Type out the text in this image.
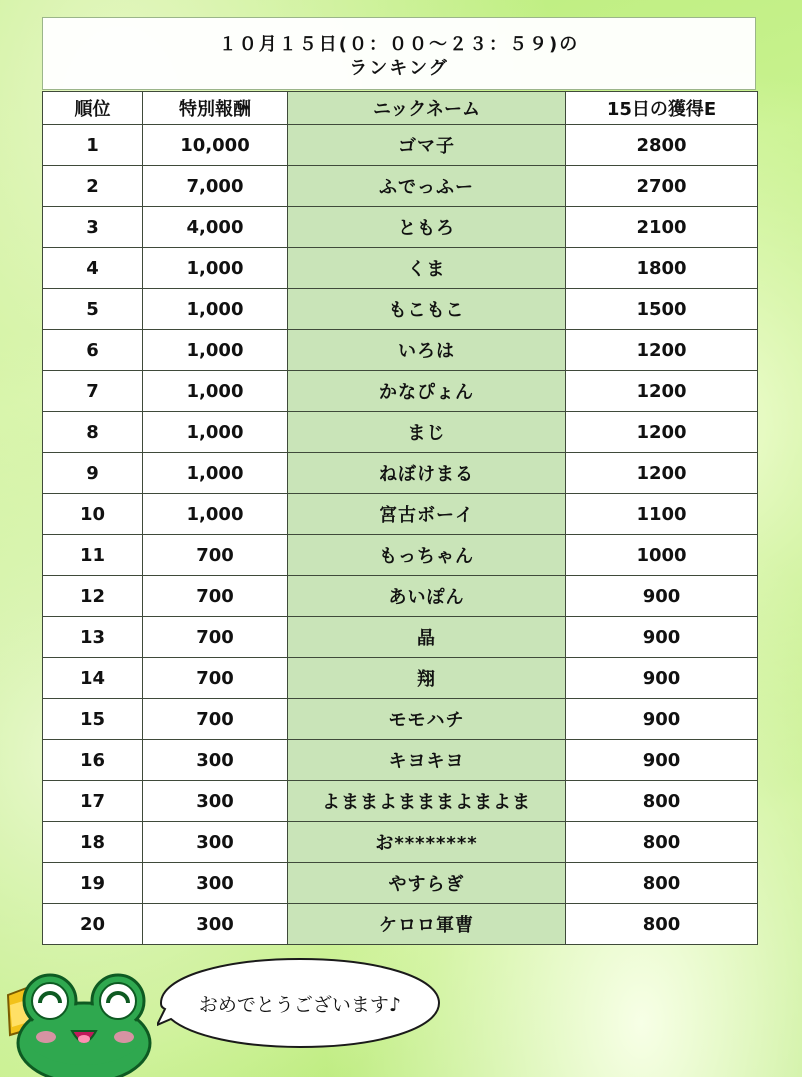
１０月１５日(０：００～２３：５９)の
ランキング
順位	特別報酬	ニックネーム	15日の獲得E
1	10,000	ゴマ子	2800
2	7,000	ふでっふー	2700
3	4,000	ともろ	2100
4	1,000	くま	1800
5	1,000	もこもこ	1500
6	1,000	いろは	1200
7	1,000	かなぴょん	1200
8	1,000	まじ	1200
9	1,000	ねぼけまる	1200
10	1,000	宮古ボーイ	1100
11	700	もっちゃん	1000
12	700	あいぽん	900
13	700	晶	900
14	700	翔	900
15	700	モモハチ	900
16	300	キヨキヨ	900
17	300	よままよまままよまよま	800
18	300	お********	800
19	300	やすらぎ	800
20	300	ケロロ軍曹	800
おめでとうございます♪
